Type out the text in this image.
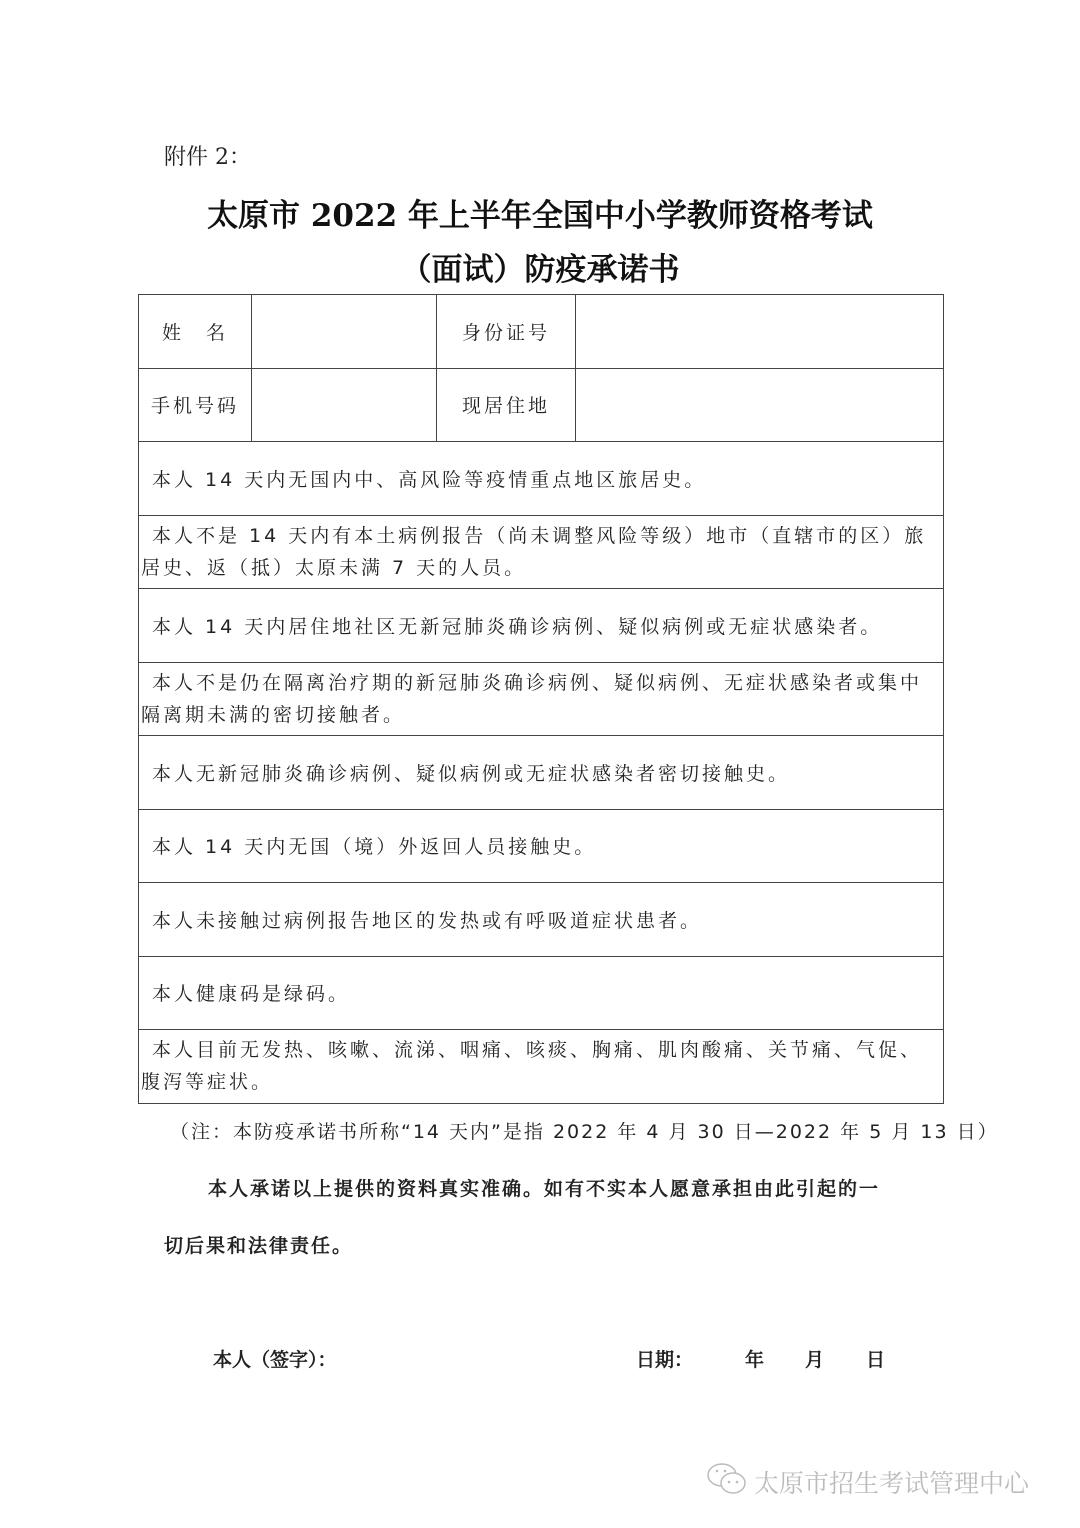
附件 2：
太原市 2022 年上半年全国中小学教师资格考试
（面试）防疫承诺书
姓　名		身份证号	
手机号码		现居住地	
本人 14 天内无国内中、高风险等疫情重点地区旅居史。			
本人不是 14 天内有本土病例报告（尚未调整风险等级）地市（直辖市的区）旅居史、返（抵）太原未满 7 天的人员。			
本人 14 天内居住地社区无新冠肺炎确诊病例、疑似病例或无症状感染者。			
本人不是仍在隔离治疗期的新冠肺炎确诊病例、疑似病例、无症状感染者或集中隔离期未满的密切接触者。			
本人无新冠肺炎确诊病例、疑似病例或无症状感染者密切接触史。			
本人 14 天内无国（境）外返回人员接触史。			
本人未接触过病例报告地区的发热或有呼吸道症状患者。			
本人健康码是绿码。			
本人目前无发热、咳嗽、流涕、咽痛、咳痰、胸痛、肌肉酸痛、关节痛、气促、腹泻等症状。			
（注：本防疫承诺书所称“14 天内”是指 2022 年 4 月 30 日—2022 年 5 月 13 日）
本人承诺以上提供的资料真实准确。如有不实本人愿意承担由此引起的一
切后果和法律责任。
本人（签字）：	日期：	年 月 日
太原市招生考试管理中心
